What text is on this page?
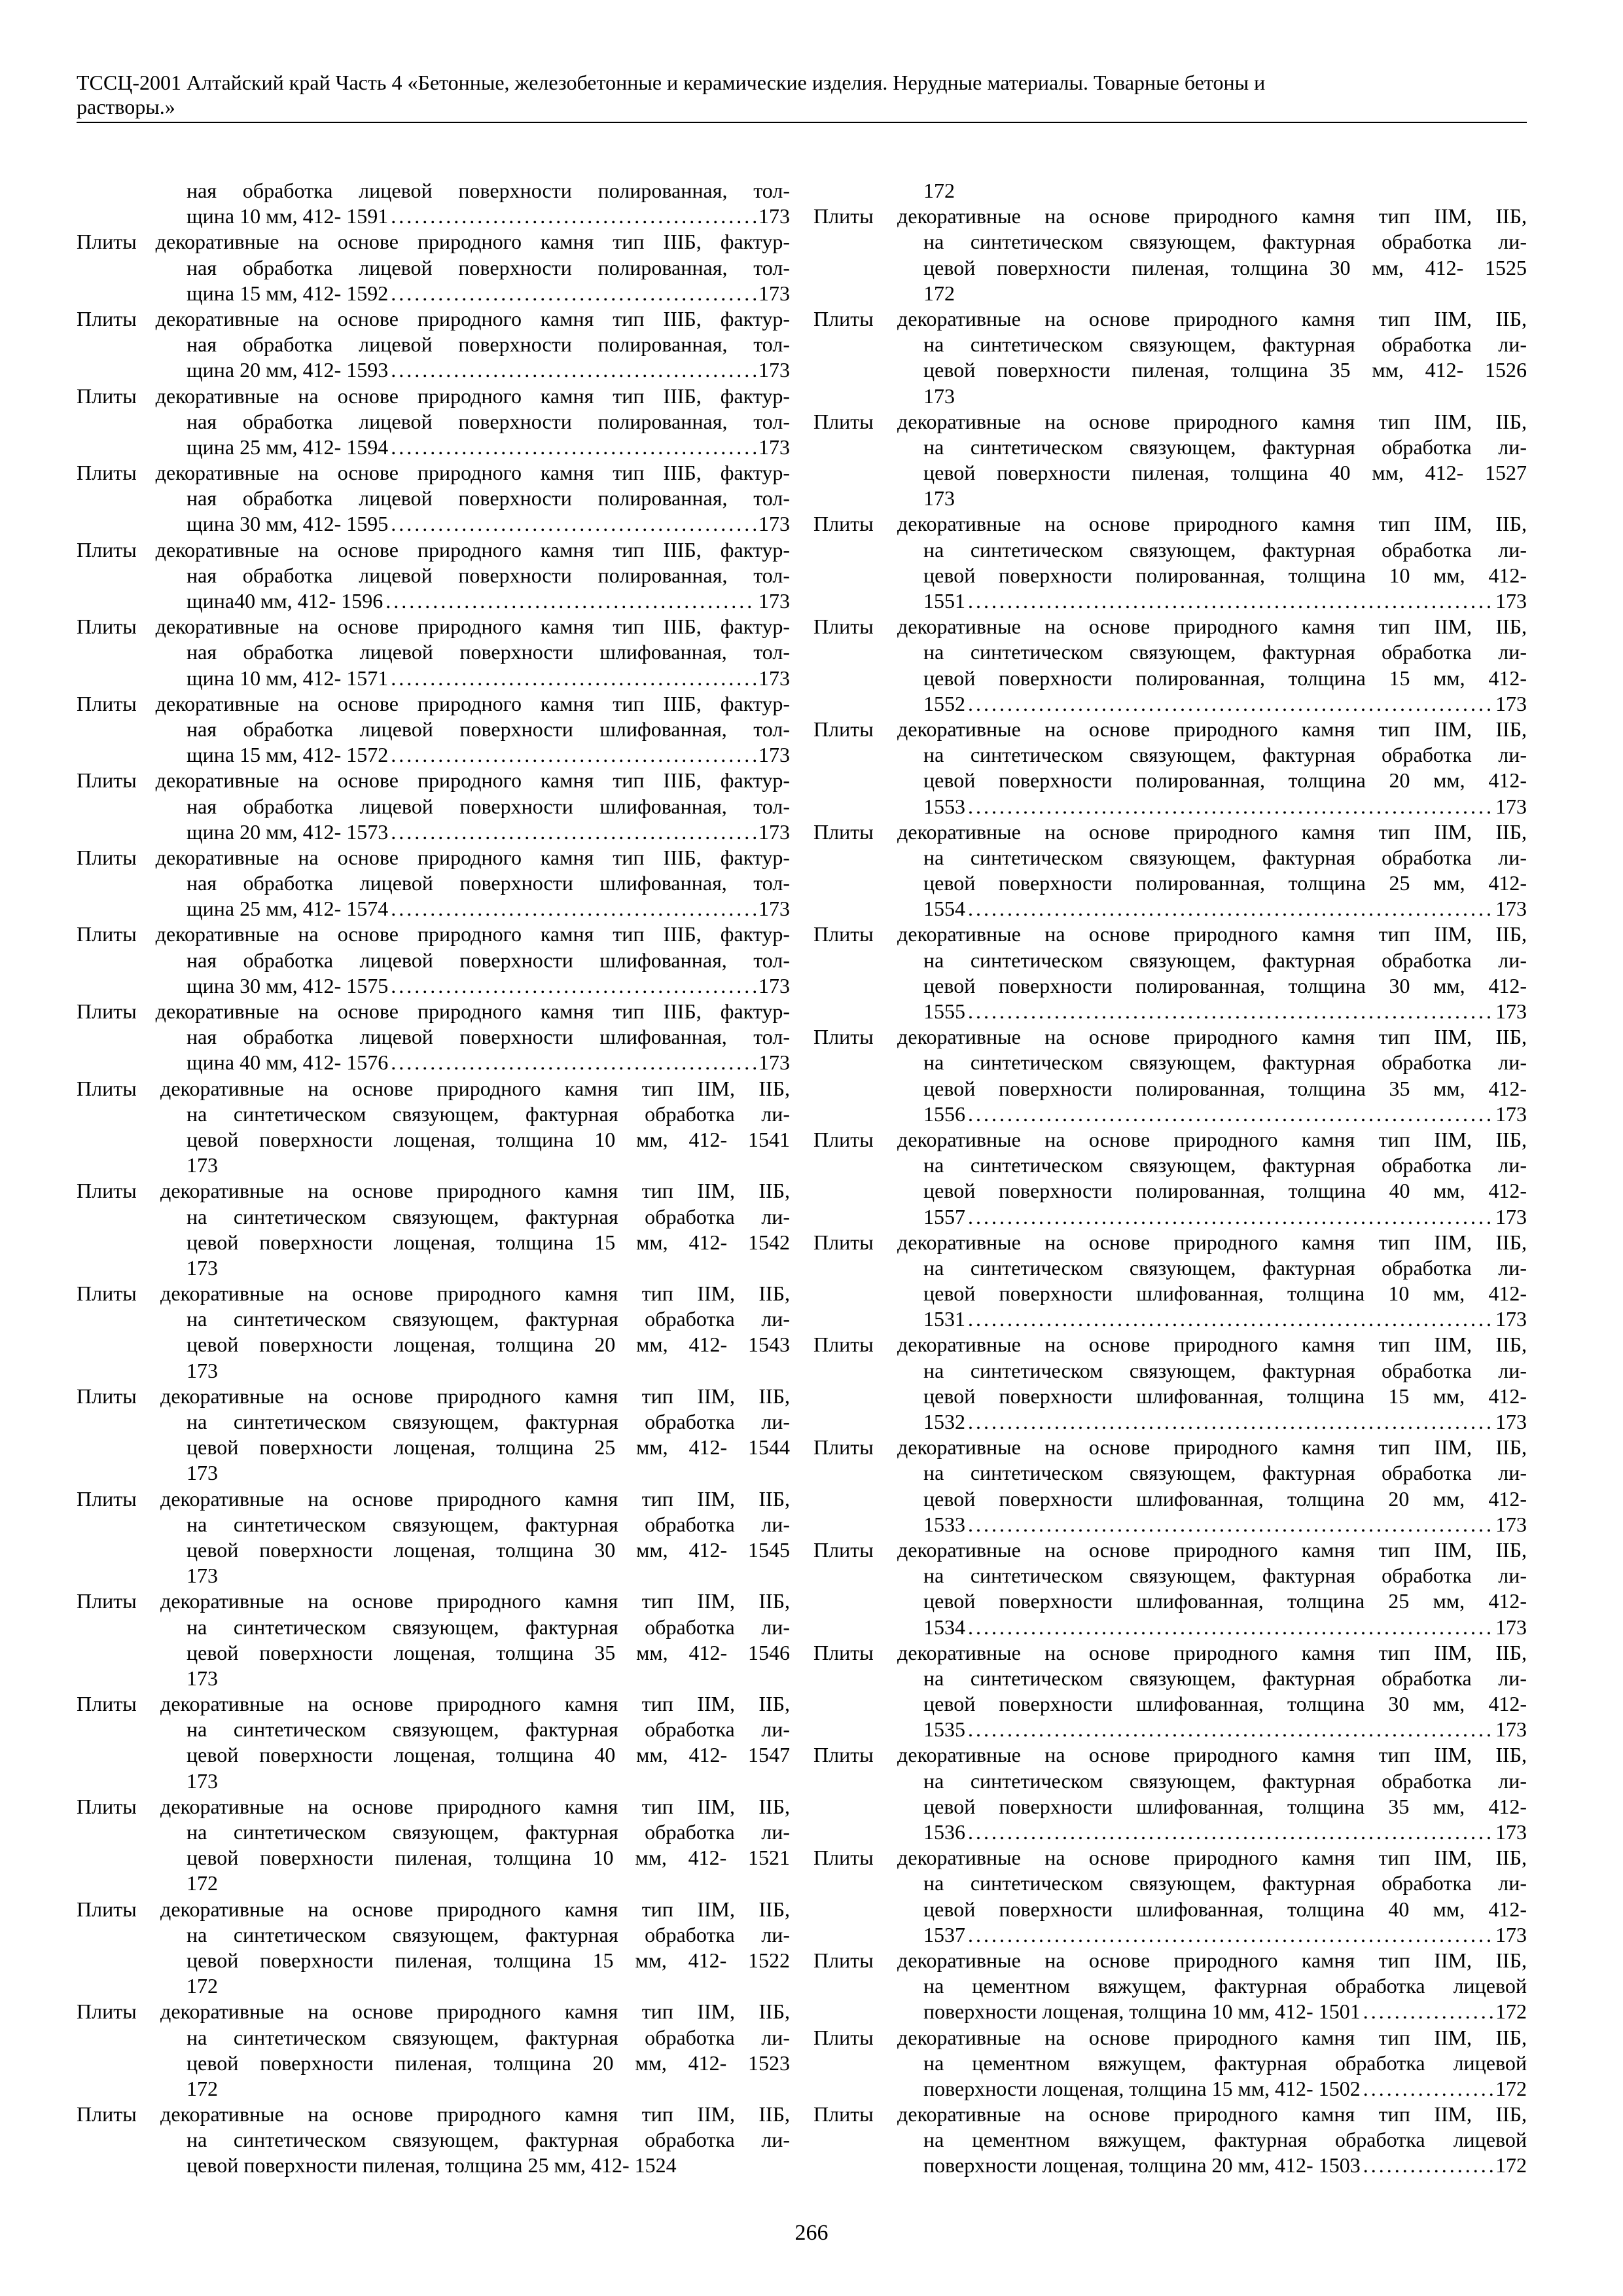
ТССЦ-2001 Алтайский край Часть 4 «Бетонные, железобетонные и керамические изделия. Нерудные материалы. Товарные бетоны и
растворы.»
ная обработка лицевой поверхности полированная, тол-
щина 10 мм, 412- 1591 .....	173
Плиты декоративные на основе природного камня тип IIIБ, фактур-
ная обработка лицевой поверхности полированная, тол-
щина 15 мм, 412- 1592 .....	173
Плиты декоративные на основе природного камня тип IIIБ, фактур-
ная обработка лицевой поверхности полированная, тол-
щина 20 мм, 412- 1593 .....	173
Плиты декоративные на основе природного камня тип IIIБ, фактур-
ная обработка лицевой поверхности полированная, тол-
щина 25 мм, 412- 1594 .....	173
Плиты декоративные на основе природного камня тип IIIБ, фактур-
ная обработка лицевой поверхности полированная, тол-
щина 30 мм, 412- 1595 .....	173
Плиты декоративные на основе природного камня тип IIIБ, фактур-
ная обработка лицевой поверхности полированная, тол-
щина40 мм, 412- 1596 .....	173
Плиты декоративные на основе природного камня тип IIIБ, фактур-
ная обработка лицевой поверхности шлифованная, тол-
щина 10 мм, 412- 1571 .....	173
Плиты декоративные на основе природного камня тип IIIБ, фактур-
ная обработка лицевой поверхности шлифованная, тол-
щина 15 мм, 412- 1572 .....	173
Плиты декоративные на основе природного камня тип IIIБ, фактур-
ная обработка лицевой поверхности шлифованная, тол-
щина 20 мм, 412- 1573 .....	173
Плиты декоративные на основе природного камня тип IIIБ, фактур-
ная обработка лицевой поверхности шлифованная, тол-
щина 25 мм, 412- 1574 .....	173
Плиты декоративные на основе природного камня тип IIIБ, фактур-
ная обработка лицевой поверхности шлифованная, тол-
щина 30 мм, 412- 1575 .....	173
Плиты декоративные на основе природного камня тип IIIБ, фактур-
ная обработка лицевой поверхности шлифованная, тол-
щина 40 мм, 412- 1576 .....	173
Плиты декоративные на основе природного камня тип IIМ, IIБ,
на синтетическом связующем, фактурная обработка ли-
цевой поверхности лощеная, толщина 10 мм, 412- 1541
173
Плиты декоративные на основе природного камня тип IIМ, IIБ,
на синтетическом связующем, фактурная обработка ли-
цевой поверхности лощеная, толщина 15 мм, 412- 1542
173
Плиты декоративные на основе природного камня тип IIМ, IIБ,
на синтетическом связующем, фактурная обработка ли-
цевой поверхности лощеная, толщина 20 мм, 412- 1543
173
Плиты декоративные на основе природного камня тип IIМ, IIБ,
на синтетическом связующем, фактурная обработка ли-
цевой поверхности лощеная, толщина 25 мм, 412- 1544
173
Плиты декоративные на основе природного камня тип IIМ, IIБ,
на синтетическом связующем, фактурная обработка ли-
цевой поверхности лощеная, толщина 30 мм, 412- 1545
173
Плиты декоративные на основе природного камня тип IIМ, IIБ,
на синтетическом связующем, фактурная обработка ли-
цевой поверхности лощеная, толщина 35 мм, 412- 1546
173
Плиты декоративные на основе природного камня тип IIМ, IIБ,
на синтетическом связующем, фактурная обработка ли-
цевой поверхности лощеная, толщина 40 мм, 412- 1547
173
Плиты декоративные на основе природного камня тип IIМ, IIБ,
на синтетическом связующем, фактурная обработка ли-
цевой поверхности пиленая, толщина 10 мм, 412- 1521
172
Плиты декоративные на основе природного камня тип IIМ, IIБ,
на синтетическом связующем, фактурная обработка ли-
цевой поверхности пиленая, толщина 15 мм, 412- 1522
172
Плиты декоративные на основе природного камня тип IIМ, IIБ,
на синтетическом связующем, фактурная обработка ли-
цевой поверхности пиленая, толщина 20 мм, 412- 1523
172
Плиты декоративные на основе природного камня тип IIМ, IIБ,
на синтетическом связующем, фактурная обработка ли-
цевой поверхности пиленая, толщина 25 мм, 412- 1524
172
Плиты декоративные на основе природного камня тип IIМ, IIБ,
на синтетическом связующем, фактурная обработка ли-
цевой поверхности пиленая, толщина 30 мм, 412- 1525
172
Плиты декоративные на основе природного камня тип IIМ, IIБ,
на синтетическом связующем, фактурная обработка ли-
цевой поверхности пиленая, толщина 35 мм, 412- 1526
173
Плиты декоративные на основе природного камня тип IIМ, IIБ,
на синтетическом связующем, фактурная обработка ли-
цевой поверхности пиленая, толщина 40 мм, 412- 1527
173
Плиты декоративные на основе природного камня тип IIМ, IIБ,
на синтетическом связующем, фактурная обработка ли-
цевой поверхности полированная, толщина 10 мм, 412-
1551 .....	173
Плиты декоративные на основе природного камня тип IIМ, IIБ,
на синтетическом связующем, фактурная обработка ли-
цевой поверхности полированная, толщина 15 мм, 412-
1552 .....	173
Плиты декоративные на основе природного камня тип IIМ, IIБ,
на синтетическом связующем, фактурная обработка ли-
цевой поверхности полированная, толщина 20 мм, 412-
1553 .....	173
Плиты декоративные на основе природного камня тип IIМ, IIБ,
на синтетическом связующем, фактурная обработка ли-
цевой поверхности полированная, толщина 25 мм, 412-
1554 .....	173
Плиты декоративные на основе природного камня тип IIМ, IIБ,
на синтетическом связующем, фактурная обработка ли-
цевой поверхности полированная, толщина 30 мм, 412-
1555 .....	173
Плиты декоративные на основе природного камня тип IIМ, IIБ,
на синтетическом связующем, фактурная обработка ли-
цевой поверхности полированная, толщина 35 мм, 412-
1556 .....	173
Плиты декоративные на основе природного камня тип IIМ, IIБ,
на синтетическом связующем, фактурная обработка ли-
цевой поверхности полированная, толщина 40 мм, 412-
1557 .....	173
Плиты декоративные на основе природного камня тип IIМ, IIБ,
на синтетическом связующем, фактурная обработка ли-
цевой поверхности шлифованная, толщина 10 мм, 412-
1531 .....	173
Плиты декоративные на основе природного камня тип IIМ, IIБ,
на синтетическом связующем, фактурная обработка ли-
цевой поверхности шлифованная, толщина 15 мм, 412-
1532 .....	173
Плиты декоративные на основе природного камня тип IIМ, IIБ,
на синтетическом связующем, фактурная обработка ли-
цевой поверхности шлифованная, толщина 20 мм, 412-
1533 .....	173
Плиты декоративные на основе природного камня тип IIМ, IIБ,
на синтетическом связующем, фактурная обработка ли-
цевой поверхности шлифованная, толщина 25 мм, 412-
1534 .....	173
Плиты декоративные на основе природного камня тип IIМ, IIБ,
на синтетическом связующем, фактурная обработка ли-
цевой поверхности шлифованная, толщина 30 мм, 412-
1535 .....	173
Плиты декоративные на основе природного камня тип IIМ, IIБ,
на синтетическом связующем, фактурная обработка ли-
цевой поверхности шлифованная, толщина 35 мм, 412-
1536 .....	173
Плиты декоративные на основе природного камня тип IIМ, IIБ,
на синтетическом связующем, фактурная обработка ли-
цевой поверхности шлифованная, толщина 40 мм, 412-
1537 .....	173
Плиты декоративные на основе природного камня тип IIМ, IIБ,
на цементном вяжущем, фактурная обработка лицевой
поверхности лощеная, толщина 10 мм, 412- 1501 .....	172
Плиты декоративные на основе природного камня тип IIМ, IIБ,
на цементном вяжущем, фактурная обработка лицевой
поверхности лощеная, толщина 15 мм, 412- 1502 .....	172
Плиты декоративные на основе природного камня тип IIМ, IIБ,
на цементном вяжущем, фактурная обработка лицевой
поверхности лощеная, толщина 20 мм, 412- 1503 .....	172
266
